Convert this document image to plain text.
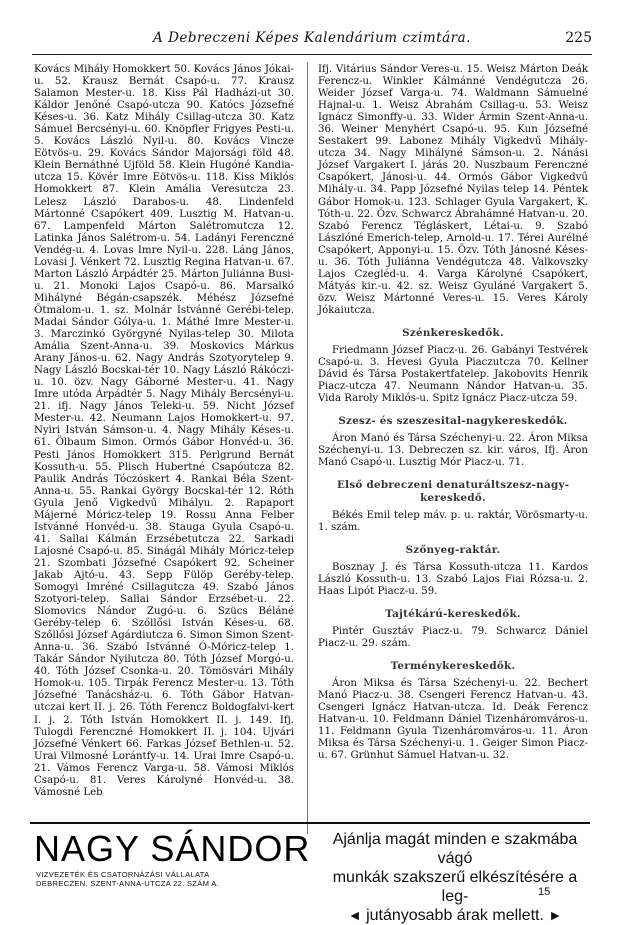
A Debreczeni Képes Kalendárium czimtára.	225

Kovács Mihály Homokkert 50. Kovács János Jókai-u. 52. Krausz Bernát Csapó-u. 77. Krausz Salamon Mester-u. 18. Kiss Pál Hadházi-ut 30. Káldor Jenőné Csapó-utcza 90. Katócs Józsefné Késes-u. 36. Katz Mihály Csillag-utcza 30. Katz Sámuel Bercsényi-u. 60. Knöpfler Frigyes Pesti-u. 5. Kovács László Nyil-u. 80. Kovács Vincze Eötvös-u. 29. Kovács Sándor Majorsági föld 48. Klein Bernáthné Ujföld 58. Klein Hugóné Kandiautcza 15. Kövér Imre Eötvös-u. 118. Kiss Miklós Homokkert 87. Klein Amália Veresutcza 23. Lelesz László Darabos-u. 48. Lindenfeld Mártonné Csapókert 409. Lusztig M. Hatvan-u. 67. Lampenfeld Márton Salétromutcza 12. Latinka János Salétrom-u. 54. Ladányi Ferenczné Vendég-u. 4. Lovas Imre Nyil-u. 228. Láng János, Lovasi J. Vénkert 72. Lusztig Regina Hatvan-u. 67. Marton László Árpádtér 25. Márton Juliánna Busi-u. 21. Monoki Lajos Csapó-u. 86. Marsalkó Mihályné Bégán-csapszék. Méhész Józsefné Ötmalom-u. 1. sz. Molnár Istvánné Gerébi-telep. Madai Sándor Gólya-u. 1. Máthé Imre Mester-u. 3. Marczinkó Györgyné Nyilas-telep 30. Milota Amália Szent-Anna-u. 39. Moskovics Márkus Arany János-u. 62. Nagy András Szotyorytelep 9. Nagy László Bocskai-tér 10. Nagy László Rákóczi-u. 10. özv. Nagy Gáborné Mester-u. 41. Nagy Imre utóda Árpádtér 5. Nagy Mihály Bercsényi-u. 21. ifj. Nagy János Teleki-u. 59. Nicht József Mester-u. 42. Neumann Lajos Homokkert-u. 97. Nyiri István Sámson-u. 4. Nagy Mihály Késes-u. 61. Ölbaum Simon. Ormós Gábor Honvéd-u. 36. Pesti János Homokkert 315. Perlgrund Bernát Kossuth-u. 55. Plisch Hubertné Csapóutcza 82. Paulik András Tóczóskert 4. Rankai Béla Szent-Anna-u. 55. Rankai György Bocskai-tér 12. Róth Gyula Jenő Vigkedvű Mihályu. 2. Rapaport Májerné Móricz-telep 19. Rossu Anna Felber Istvánné Honvéd-u. 38. Stauga Gyula Csapó-u. 41. Sallai Kálmán Erzsébetutcza 22. Sarkadi Lajosné Csapó-u. 85. Sinágál Mihály Móricz-telep 21. Szombati Józsefné Csapókert 92. Scheiner Jakab Ajtó-u. 43. Sepp Fülöp Geréby-telep. Somogyi Imréné Csillagutcza 49. Szabó János Szotyori-telep. Sallai Sándor Erzsébet-u. 22. Slomovics Nándor Zugó-u. 6. Szücs Béláné Geréby-telep 6. Szőllősi István Késes-u. 68. Szőllősi József Agárdiutcza 6. Simon Simon Szent-Anna-u. 36. Szabó Istvánné Ó-Móricz-telep 1. Takár Sándor Nyilutcza 80. Tóth József Morgó-u. 40. Tóth József Csonka-u. 20. Tömösvári Mihály Homok-u. 105. Tirpák Ferencz Mester-u. 13. Tóth Józsefné Tanácsház-u. 6. Tóth Gábor Hatvan-utczai kert II. j. 26. Tóth Ferencz Boldogfalvi-kert I. j. 2. Tóth István Homokkert II. j. 149. Ifj. Tulogdi Ferenczné Homokkert II. j. 104. Ujvári Józsefné Vénkert 66. Farkas József Bethlen-u. 52. Urai Vilmosné Lorántfy-u. 14. Urai Imre Csapó-u. 21. Vámos Ferencz Varga-u. 58. Vámosi Miklós Csapó-u. 81. Veres Károlyné Honvéd-u. 38. Vámosné Leb

Ifj. Vitárius Sándor Veres-u. 15. Weisz Márton Deák Ferencz-u. Winkler Kálmánné Vendégutcza 26. Weider József Varga-u. 74. Waldmann Sámuelné Hajnal-u. 1. Weisz Ábrahám Csillag-u. 53. Weisz Ignácz Simonffy-u. 33. Wider Ármin Szent-Anna-u. 36. Weiner Menyhért Csapó-u. 95. Kun Józsefné Sestakert 99. Labonez Mihály Vigkedvű Mihályutcza 34. Nagy Mihályné Sámson-u. 2. Nánási József Vargakert I. járás 20. Nuszbaum Ferenczné Csapókert, Jánosi-u. 44. Ormós Gábor Vigkedvű Mihály-u. 34. Papp Józsefné Nyilas telep 14. Péntek Gábor Homok-u. 123. Schlager Gyula Vargakert, K. Tóth-u. 22. Özv. Schwarcz Ábrahámné Hatvan-u. 20. Szabó Ferencz Tégláskert, Létai-u. 9. Szabó Lászlóné Emerich-telep, Arnold-u. 17. Térei Aurélné Csapókert, Apponyi-u. 15. Özv. Tóth Jánosné Késes-u. 36. Tóth Juliánna Vendégutcza 48. Valkovszky Lajos Czegléd-u. 4. Varga Károlyné Csapókert, Mátyás kir.-u. 42. sz. Weisz Gyuláné Vargakert 5. özv. Weisz Mártonné Veres-u. 15. Veres Károly Jókaiutcza.

Szénkereskedők.

Friedmann József Piacz-u. 26. Gabányi Testvérek Csapó-u. 3. Hevesi Gyula Piaczutcza 70. Kellner Dávid és Társa Postakertfatelep. Jakobovits Henrik Piacz-utcza 47. Neumann Nándor Hatvan-u. 35. Vida Raroly Miklós-u. Spitz Ignácz Piacz-utcza 59.

Szesz- és szeszesital-nagykereskedők.

Áron Manó és Társa Széchenyi-u. 22. Áron Miksa Széchenyi-u. 13. Debreczen sz. kir. város, Ifj. Áron Manó Csapó-u. Lusztig Mór Piacz-u. 71.

Első debreczeni denaturáltszesz-nagykereskedő.

Békés Emil telep máv. p. u. raktár, Vörösmarty-u. 1. szám.

Szőnyeg-raktár.

Bosznay J. és Társa Kossuth-utcza 11. Kardos László Kossuth-u. 13. Szabó Lajos Fiai Rózsa-u. 2. Haas Lipót Piacz-u. 59.

Tajtékárú-kereskedők.

Pintér Gusztáv Piacz-u. 79. Schwarcz Dániel Piacz-u. 29. szám.

Terménykereskedők.

Áron Miksa és Társa Széchenyi-u. 22. Bechert Manó Piacz-u. 38. Csengeri Ferencz Hatvan-u. 43. Csengeri Ignácz Hatvan-utcza. Id. Deák Ferencz Hatvan-u. 10. Feldmann Dániel Tizenháromváros-u. 11. Feldmann Gyula Tizenháromváros-u. 11. Áron Miksa és Társa Széchenyi-u. 1. Geiger Simon Piacz-u. 67. Grünhut Sámuel Hatvan-u. 32.

NAGY SÁNDOR
VIZVEZETÉK ÉS CSATORNÁZÁSI VÁLLALATA
DEBRECZEN, SZENT-ANNA-UTCZA 22. SZÁM A.
Ajánlja magát minden e szakmába vágó
munkák szakszerű elkészítésére a leg-
◄ jutányosabb árak mellett. ►
15
